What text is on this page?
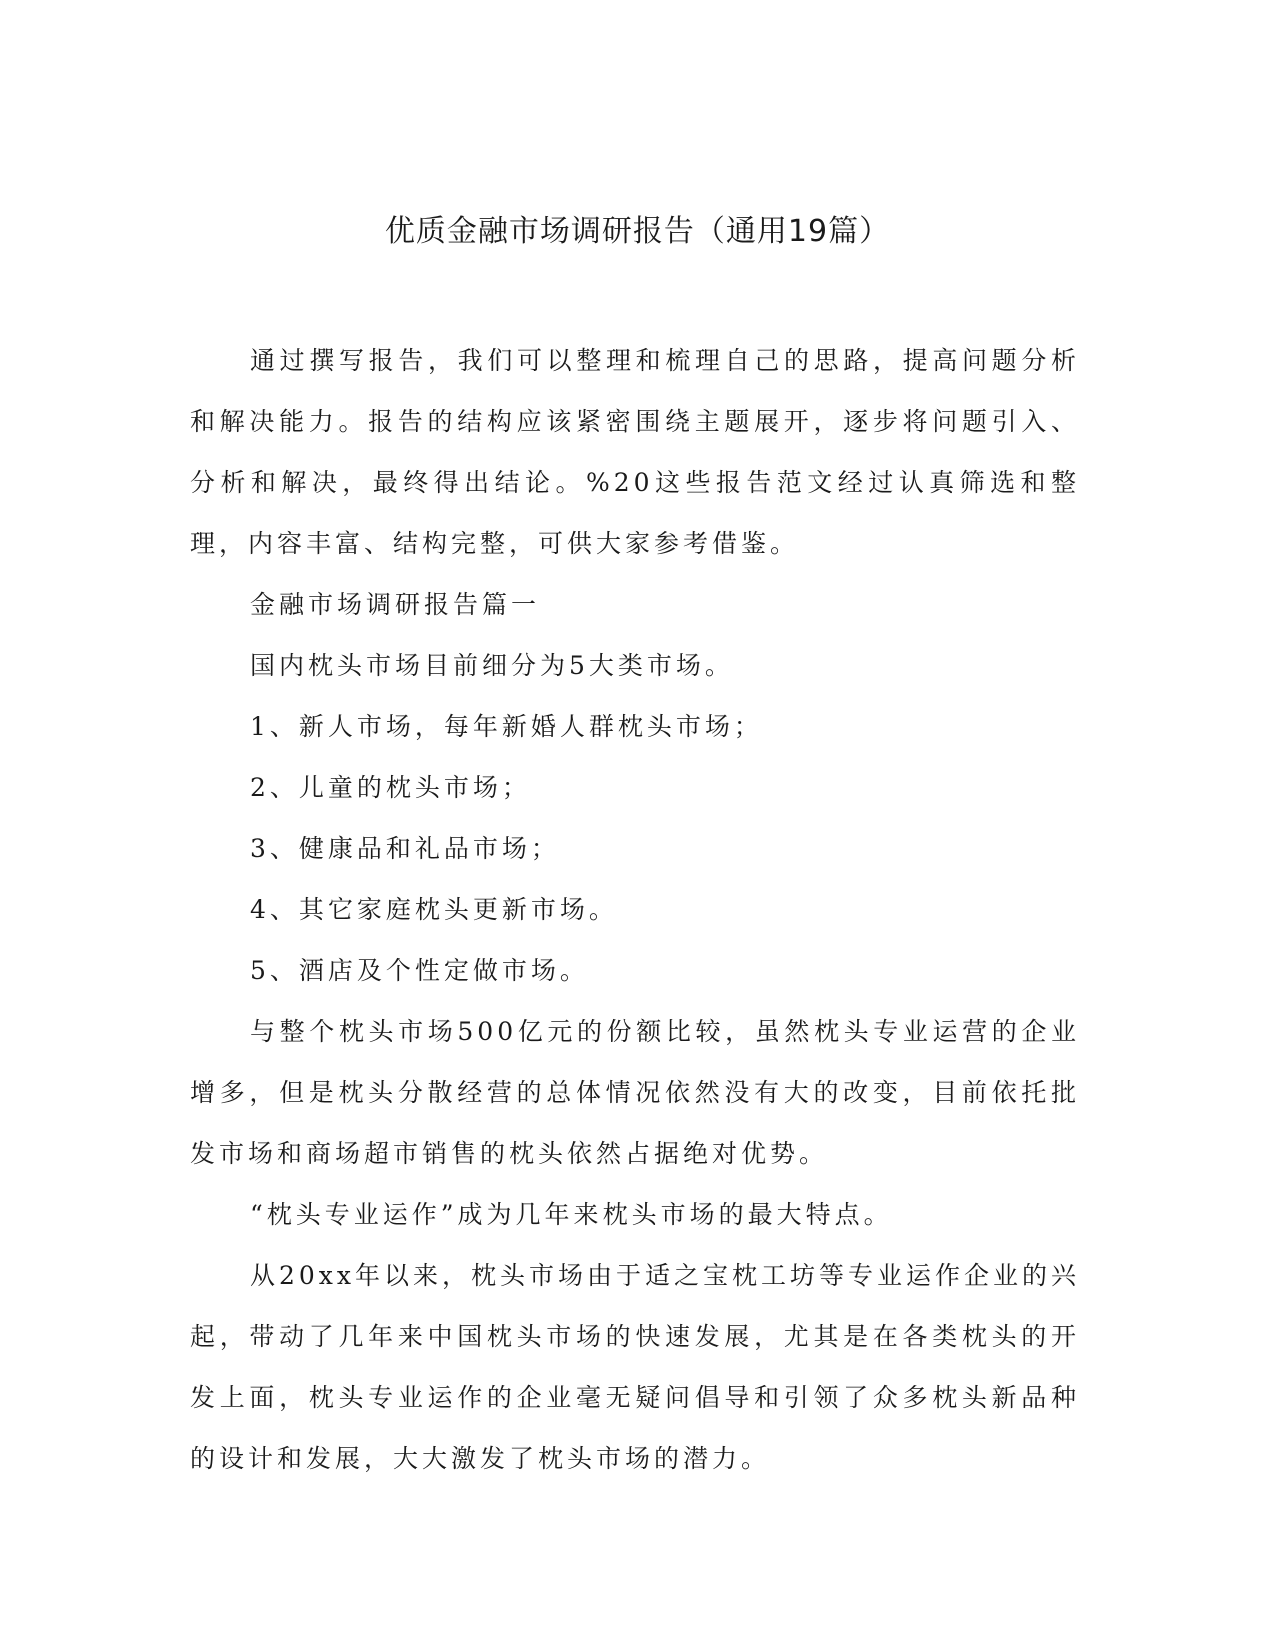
优质金融市场调研报告（通用19篇）

通过撰写报告，我们可以整理和梳理自己的思路，提高问题分析和解决能力。报告的结构应该紧密围绕主题展开，逐步将问题引入、分析和解决，最终得出结论。%20这些报告范文经过认真筛选和整理，内容丰富、结构完整，可供大家参考借鉴。

金融市场调研报告篇一

国内枕头市场目前细分为5大类市场。

1、新人市场，每年新婚人群枕头市场；

2、儿童的枕头市场；

3、健康品和礼品市场；

4、其它家庭枕头更新市场。

5、酒店及个性定做市场。

与整个枕头市场500亿元的份额比较，虽然枕头专业运营的企业增多，但是枕头分散经营的总体情况依然没有大的改变，目前依托批发市场和商场超市销售的枕头依然占据绝对优势。

“枕头专业运作”成为几年来枕头市场的最大特点。

从20xx年以来，枕头市场由于适之宝枕工坊等专业运作企业的兴起，带动了几年来中国枕头市场的快速发展，尤其是在各类枕头的开发上面，枕头专业运作的企业毫无疑问倡导和引领了众多枕头新品种的设计和发展，大大激发了枕头市场的潜力。
